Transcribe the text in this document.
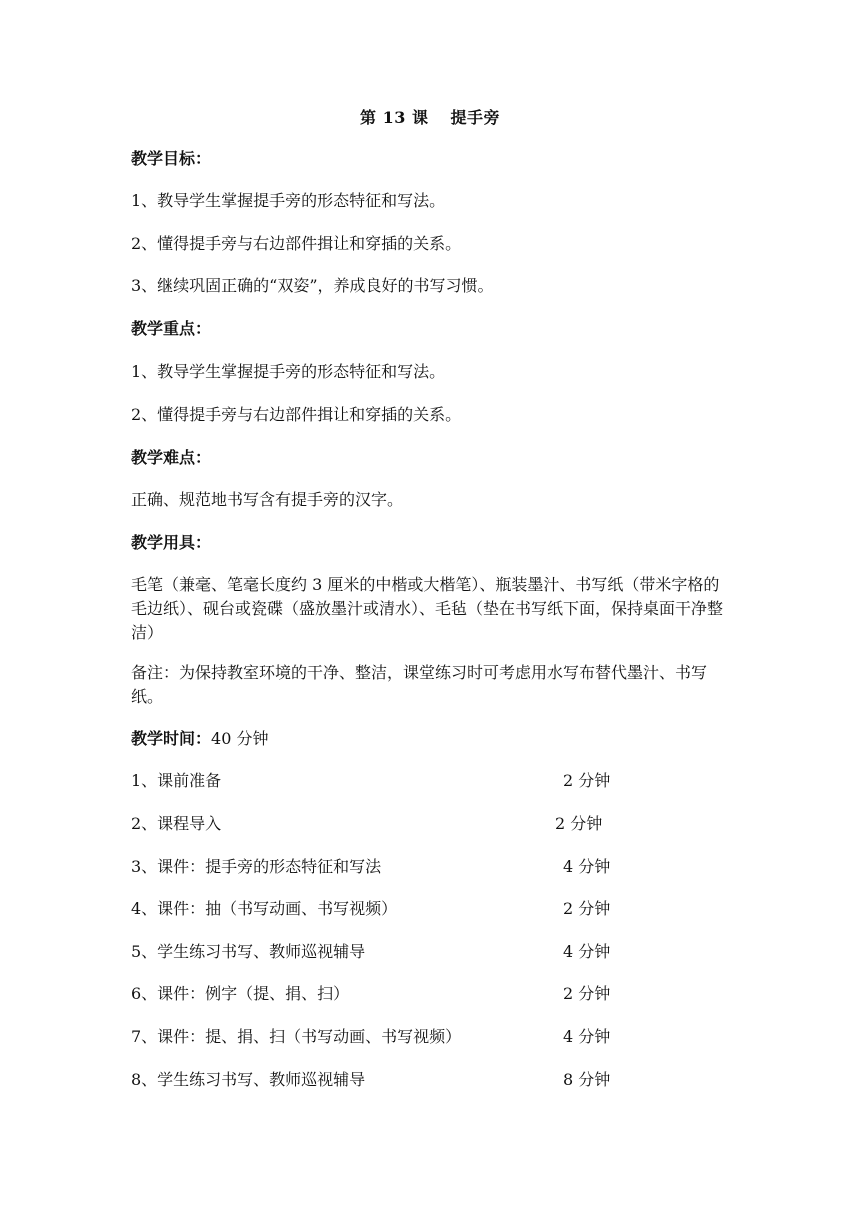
第 13 课 提手旁
教学目标：
1、教导学生掌握提手旁的形态特征和写法。
2、懂得提手旁与右边部件揖让和穿插的关系。
3、继续巩固正确的“双姿”，养成良好的书写习惯。
教学重点：
1、教导学生掌握提手旁的形态特征和写法。
2、懂得提手旁与右边部件揖让和穿插的关系。
教学难点：
正确、规范地书写含有提手旁的汉字。
教学用具：
毛笔（兼毫、笔毫长度约 3 厘米的中楷或大楷笔）、瓶装墨汁、书写纸（带米字格的毛边纸）、砚台或瓷碟（盛放墨汁或清水）、毛毡（垫在书写纸下面，保持桌面干净整洁）
备注：为保持教室环境的干净、整洁，课堂练习时可考虑用水写布替代墨汁、书写纸。
教学时间：40 分钟
1、课前准备	2 分钟
2、课程导入	2 分钟
3、课件：提手旁的形态特征和写法	4 分钟
4、课件：抽（书写动画、书写视频）	2 分钟
5、学生练习书写、教师巡视辅导	4 分钟
6、课件：例字（提、捐、扫）	2 分钟
7、课件：提、捐、扫（书写动画、书写视频）	4 分钟
8、学生练习书写、教师巡视辅导	8 分钟
